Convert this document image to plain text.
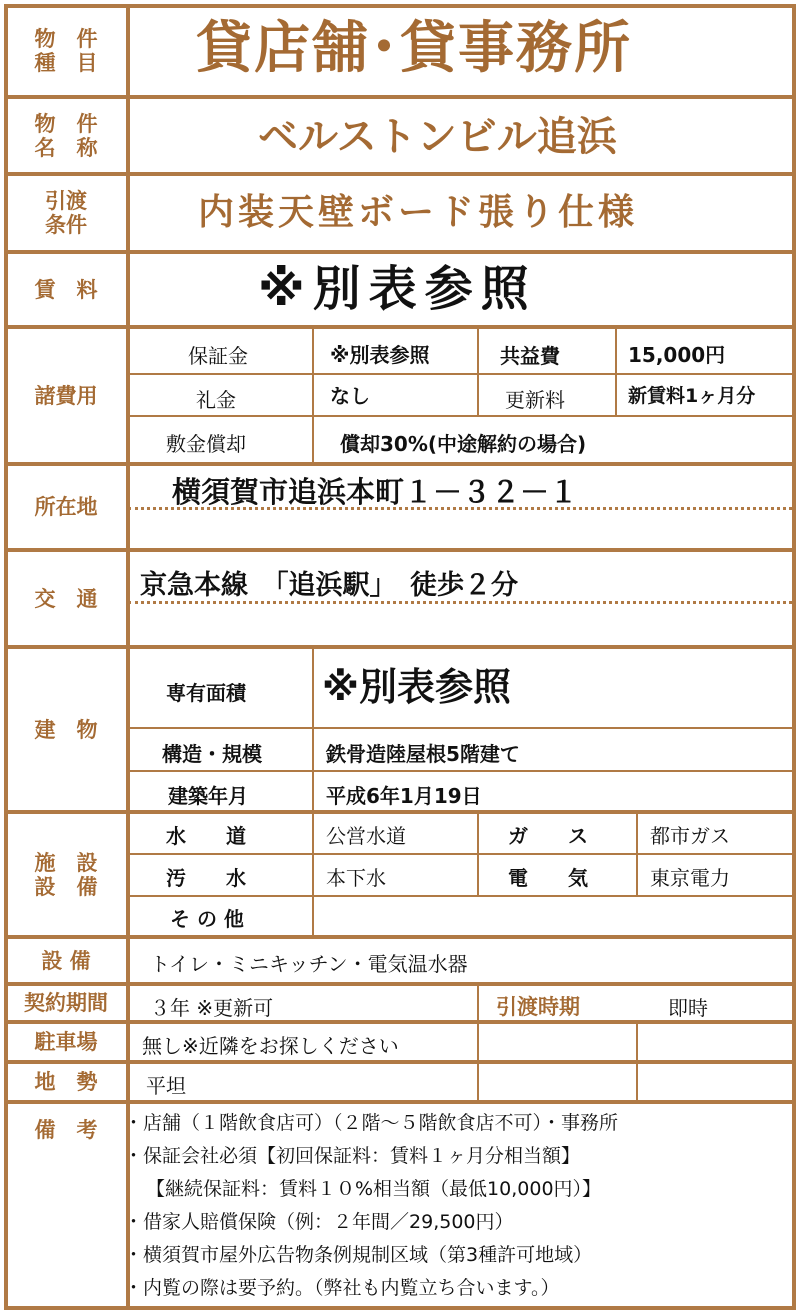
物　件
種　目 貸店舗･貸事務所
物　件
名　称	ベルストンビル追浜
引渡
条件	内装天壁ボード張り仕様
賃　料	※別表参照
諸費用
保証金	※別表参照	共益費	15,000円
礼金	なし	更新料	新賃料1ヶ月分
敷金償却	償却30%(中途解約の場合)
所在地	横須賀市追浜本町１－３２－１
交　通 京急本線　「追浜駅」　徒歩２分
建　物
専有面積 ※別表参照
構造・規模	鉄骨造陸屋根5階建て
建築年月	平成6年1月19日
施　設
設　備
水　　道	公営水道	ガ　　ス	都市ガス
汚　　水	本下水	電　　気	東京電力
そ の 他
設 備	トイレ・ミニキッチン・電気温水器
契約期間 ３年 ※更新可	引渡時期	即時
駐車場 無し※近隣をお探しください
地　勢 平坦
備　考 ・店舗（１階飲食店可）（２階～５階飲食店不可）・事務所
・保証会社必須【初回保証料：賃料１ヶ月分相当額】
【継続保証料：賃料１０%相当額（最低10,000円）】
・借家人賠償保険（例：２年間／29,500円）
・横須賀市屋外広告物条例規制区域（第3種許可地域）
・内覧の際は要予約。（弊社も内覧立ち合います。）
